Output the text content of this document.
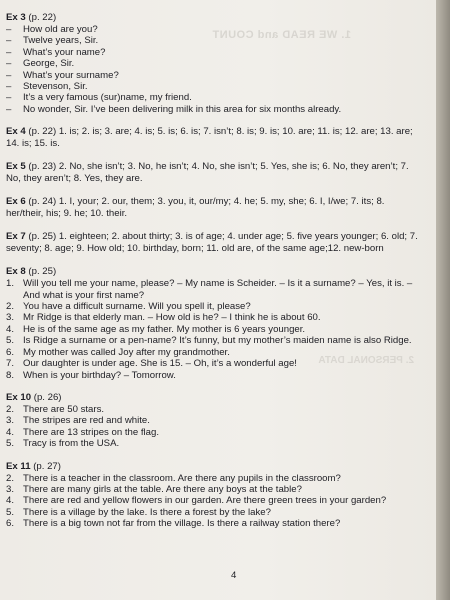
1. WE READ and COUNT
2. PERSONAL DATA
Ex 3 (p. 22)
–	How old are you?
–	Twelve years, Sir.
–	What’s your name?
–	George, Sir.
–	What’s your surname?
–	Stevenson, Sir.
–	It’s a very famous (sur)name, my friend.
–	No wonder, Sir. I’ve been delivering milk in this area for six months already.
Ex 4 (p. 22) 1. is; 2. is; 3. are; 4. is; 5. is; 6. is; 7. isn’t; 8. is; 9. is; 10. are; 11. is; 12. are; 13. are; 14. is; 15. is.
Ex 5 (p. 23) 2. No, she isn’t; 3. No, he isn’t; 4. No, she isn’t; 5. Yes, she is; 6. No, they aren’t; 7. No, they aren’t; 8. Yes, they are.
Ex 6 (p. 24) 1. I, your; 2. our, them; 3. you, it, our/my; 4. he; 5. my, she; 6. I, I/we; 7. its; 8. her/their, his; 9. he; 10. their.
Ex 7 (p. 25) 1. eighteen; 2. about thirty; 3. is of age; 4. under age; 5. five years younger; 6. old; 7. seventy; 8. age; 9. How old; 10. birthday, born; 11. old are, of the same age;12. new-born
Ex 8 (p. 25)
1. Will you tell me your name, please? – My name is Scheider. – Is it a surname? – Yes, it is. – And what is your first name?
2. You have a difficult surname. Will you spell it, please?
3. Mr Ridge is that elderly man. – How old is he? – I think he is about 60.
4. He is of the same age as my father. My mother is 6 years younger.
5. Is Ridge a surname or a pen-name? It’s funny, but my mother’s maiden name is also Ridge.
6. My mother was called Joy after my grandmother.
7. Our daughter is under age. She is 15. – Oh, it’s a wonderful age!
8. When is your birthday? – Tomorrow.
Ex 10 (p. 26)
2. There are 50 stars.
3. The stripes are red and white.
4. There are 13 stripes on the flag.
5. Tracy is from the USA.
Ex 11 (p. 27)
2. There is a teacher in the classroom. Are there any pupils in the classroom?
3. There are many girls at the table. Are there any boys at the table?
4. There are red and yellow flowers in our garden. Are there green trees in your garden?
5. There is a village by the lake. Is there a forest by the lake?
6. There is a big town not far from the village. Is there a railway station there?
4
